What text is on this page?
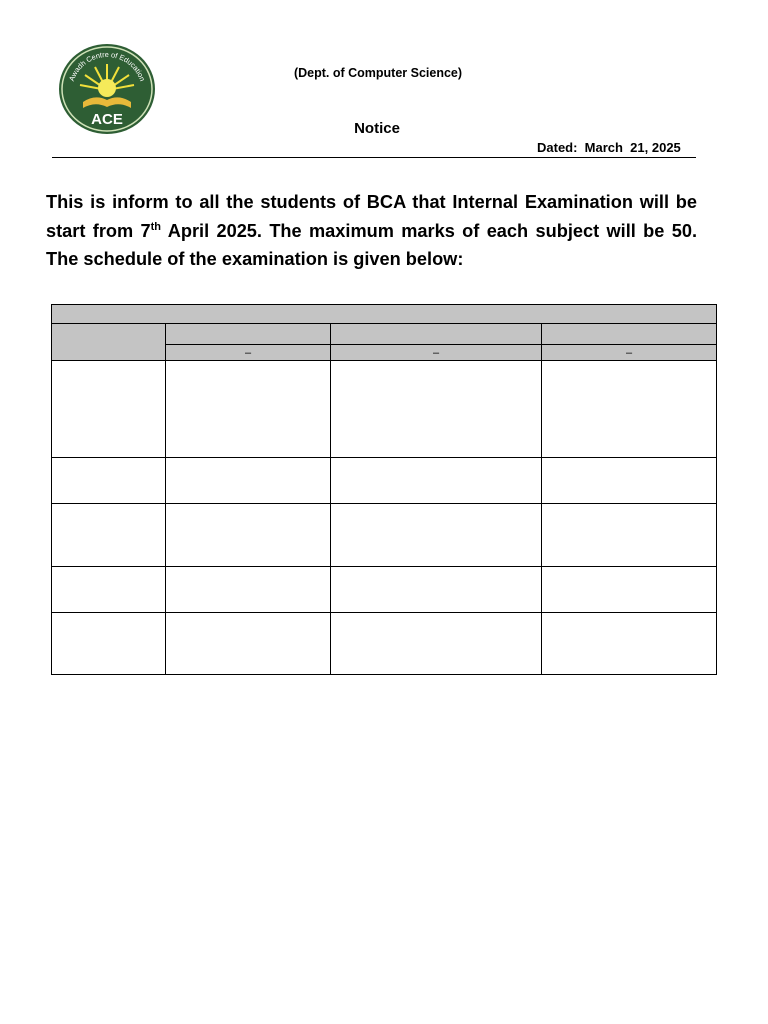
Awadh Centre of Education
ACE
(Dept. of Computer Science)
Notice
Dated:  March  21, 2025

This is inform to all the students of BCA that Internal Examination will be start from 7th April 2025. The maximum marks of each subject will be 50. The schedule of the examination is given below:

	–	–	–
